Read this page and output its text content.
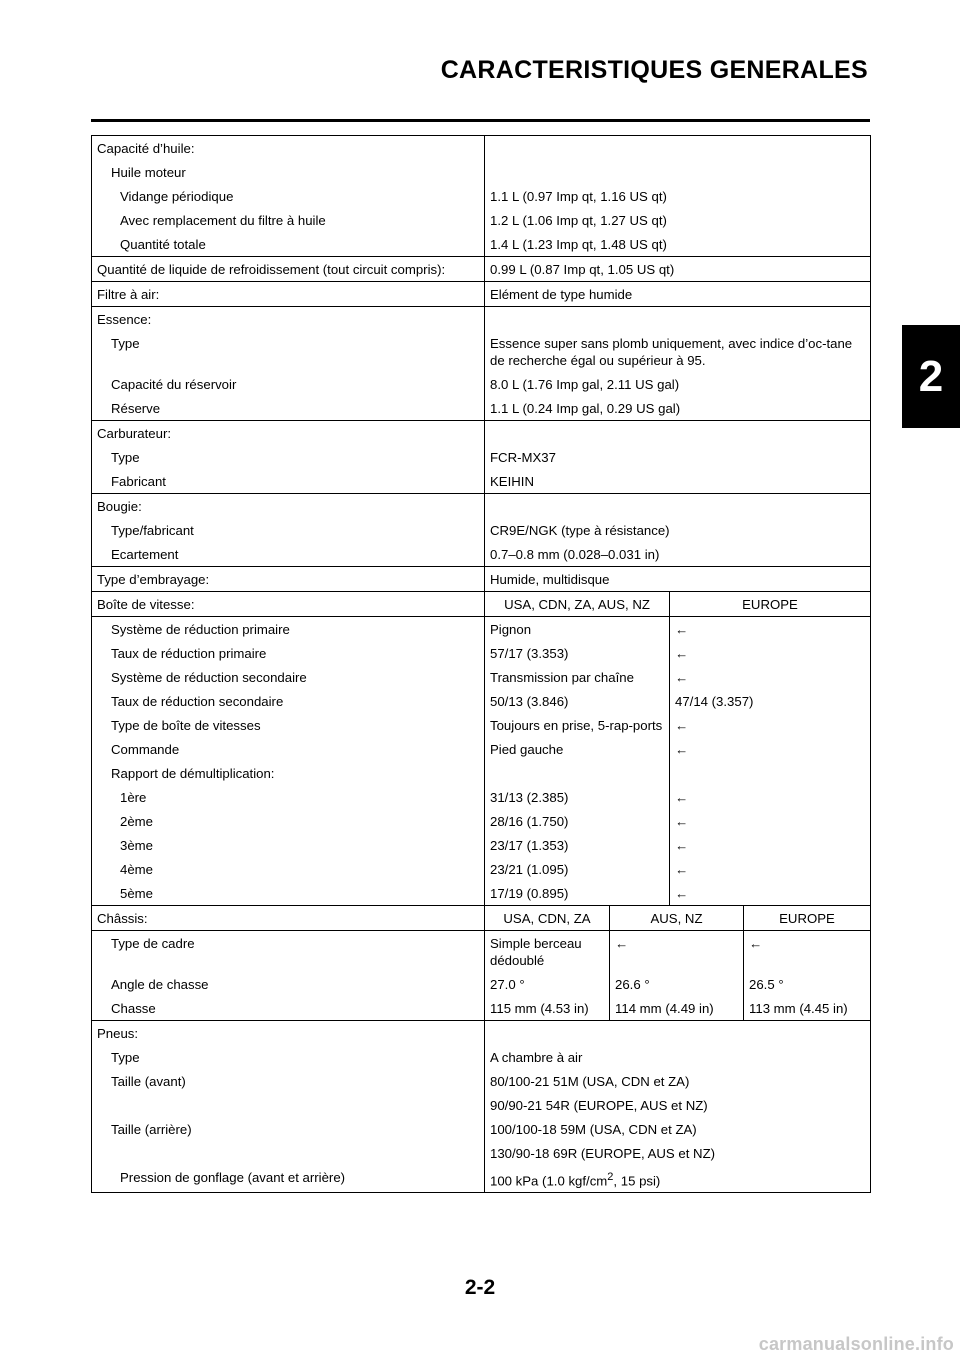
CARACTERISTIQUES GENERALES
2
Capacité d’huile:				
Huile moteur				
Vidange périodique	1.1 L (0.97 Imp qt, 1.16 US qt)			
Avec remplacement du filtre à huile	1.2 L (1.06 Imp qt, 1.27 US qt)			
Quantité totale	1.4 L (1.23 Imp qt, 1.48 US qt)			
Quantité de liquide de refroidissement (tout circuit compris):	0.99 L (0.87 Imp qt, 1.05 US qt)			
Filtre à air:	Elément de type humide			
Essence:				
Type	Essence super sans plomb uniquement, avec indice d’oc-tane de recherche égal ou supérieur à 95.			
Capacité du réservoir	8.0 L (1.76 Imp gal, 2.11 US gal)			
Réserve	1.1 L (0.24 Imp gal, 0.29 US gal)			
Carburateur:				
Type	FCR-MX37			
Fabricant	KEIHIN			
Bougie:				
Type/fabricant	CR9E/NGK (type à résistance)			
Ecartement	0.7–0.8 mm (0.028–0.031 in)			
Type d’embrayage:	Humide, multidisque			
Boîte de vitesse:	USA, CDN, ZA, AUS, NZ		EUROPE	
Système de réduction primaire	Pignon		←	
Taux de réduction primaire	57/17 (3.353)		←	
Système de réduction secondaire	Transmission par chaîne		←	
Taux de réduction secondaire	50/13 (3.846)		47/14 (3.357)	
Type de boîte de vitesses	Toujours en prise, 5-rap-ports		←	
Commande	Pied gauche		←	
Rapport de démultiplication:				
1ère	31/13 (2.385)		←	
2ème	28/16 (1.750)		←	
3ème	23/17 (1.353)		←	
4ème	23/21 (1.095)		←	
5ème	17/19 (0.895)		←	
Châssis:	USA, CDN, ZA	AUS, NZ		EUROPE
Type de cadre	Simple berceau dédoublé	←		←
Angle de chasse	27.0 °	26.6 °		26.5 °
Chasse	115 mm (4.53 in)	114 mm (4.49 in)		113 mm (4.45 in)
Pneus:				
Type	A chambre à air			
Taille (avant)	80/100-21 51M (USA, CDN et ZA)			
	90/90-21 54R (EUROPE, AUS et NZ)			
Taille (arrière)	100/100-18 59M (USA, CDN et ZA)			
	130/90-18 69R (EUROPE, AUS et NZ)			
Pression de gonflage (avant et arrière)	100 kPa (1.0 kgf/$cm^2$, 15 psi)			
2-2
carmanualsonline.info
